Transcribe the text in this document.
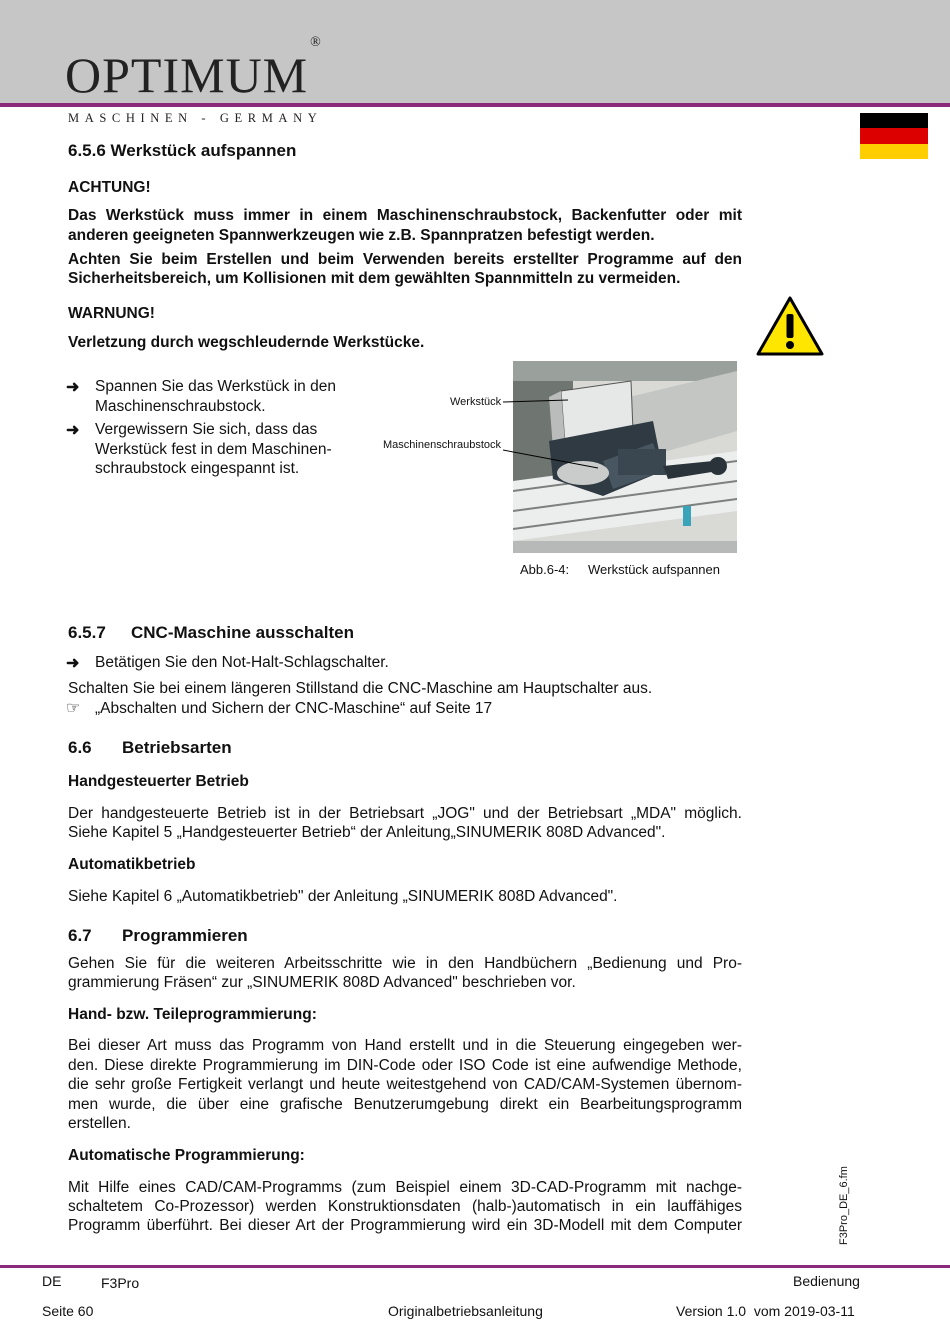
OPTIMUM®
MASCHINEN - GERMANY
6.5.6 Werkstück aufspannen
ACHTUNG!
Das Werkstück muss immer in einem Maschinenschraubstock, Backenfutter oder mit
anderen geeigneten Spannwerkzeugen wie z.B. Spannpratzen befestigt werden.
Achten Sie beim Erstellen und beim Verwenden bereits erstellter Programme auf den
Sicherheitsbereich, um Kollisionen mit dem gewählten Spannmitteln zu vermeiden.
WARNUNG!
Verletzung durch wegschleudernde Werkstücke.
➜ Spannen Sie das Werkstück in den
Maschinenschraubstock.
➜ Vergewissern Sie sich, dass das
Werkstück fest in dem Maschinen-
schraubstock eingespannt ist.
Werkstück
Maschinenschraubstock
Abb.6-4: Werkstück aufspannen
6.5.7 CNC-Maschine ausschalten
➜ Betätigen Sie den Not-Halt-Schlagschalter.
Schalten Sie bei einem längeren Stillstand die CNC-Maschine am Hauptschalter aus.
☞ „Abschalten und Sichern der CNC-Maschine“ auf Seite 17
6.6 Betriebsarten
Handgesteuerter Betrieb
Der handgesteuerte Betrieb ist in der Betriebsart „JOG" und der Betriebsart „MDA" möglich.
Siehe Kapitel 5 „Handgesteuerter Betrieb“ der Anleitung„SINUMERIK 808D Advanced".
Automatikbetrieb
Siehe Kapitel 6 „Automatikbetrieb" der Anleitung „SINUMERIK 808D Advanced".
6.7 Programmieren
Gehen Sie für die weiteren Arbeitsschritte wie in den Handbüchern „Bedienung und Pro-
grammierung Fräsen“ zur „SINUMERIK 808D Advanced" beschrieben vor.
Hand- bzw. Teileprogrammierung:
Bei dieser Art muss das Programm von Hand erstellt und in die Steuerung eingegeben wer-
den. Diese direkte Programmierung im DIN-Code oder ISO Code ist eine aufwendige Methode,
die sehr große Fertigkeit verlangt und heute weitestgehend von CAD/CAM-Systemen übernom-
men wurde, die über eine grafische Benutzerumgebung direkt ein Bearbeitungsprogramm
erstellen.
Automatische Programmierung:
Mit Hilfe eines CAD/CAM-Programms (zum Beispiel einem 3D-CAD-Programm mit nachge-
schaltetem Co-Prozessor) werden Konstruktionsdaten (halb-)automatisch in ein lauffähiges
Programm überführt. Bei dieser Art der Programmierung wird ein 3D-Modell mit dem Computer	F3Pro_DE_6.fm
DE	F3Pro	Bedienung
Seite 60	Originalbetriebsanleitung	Version 1.0  vom 2019-03-11
